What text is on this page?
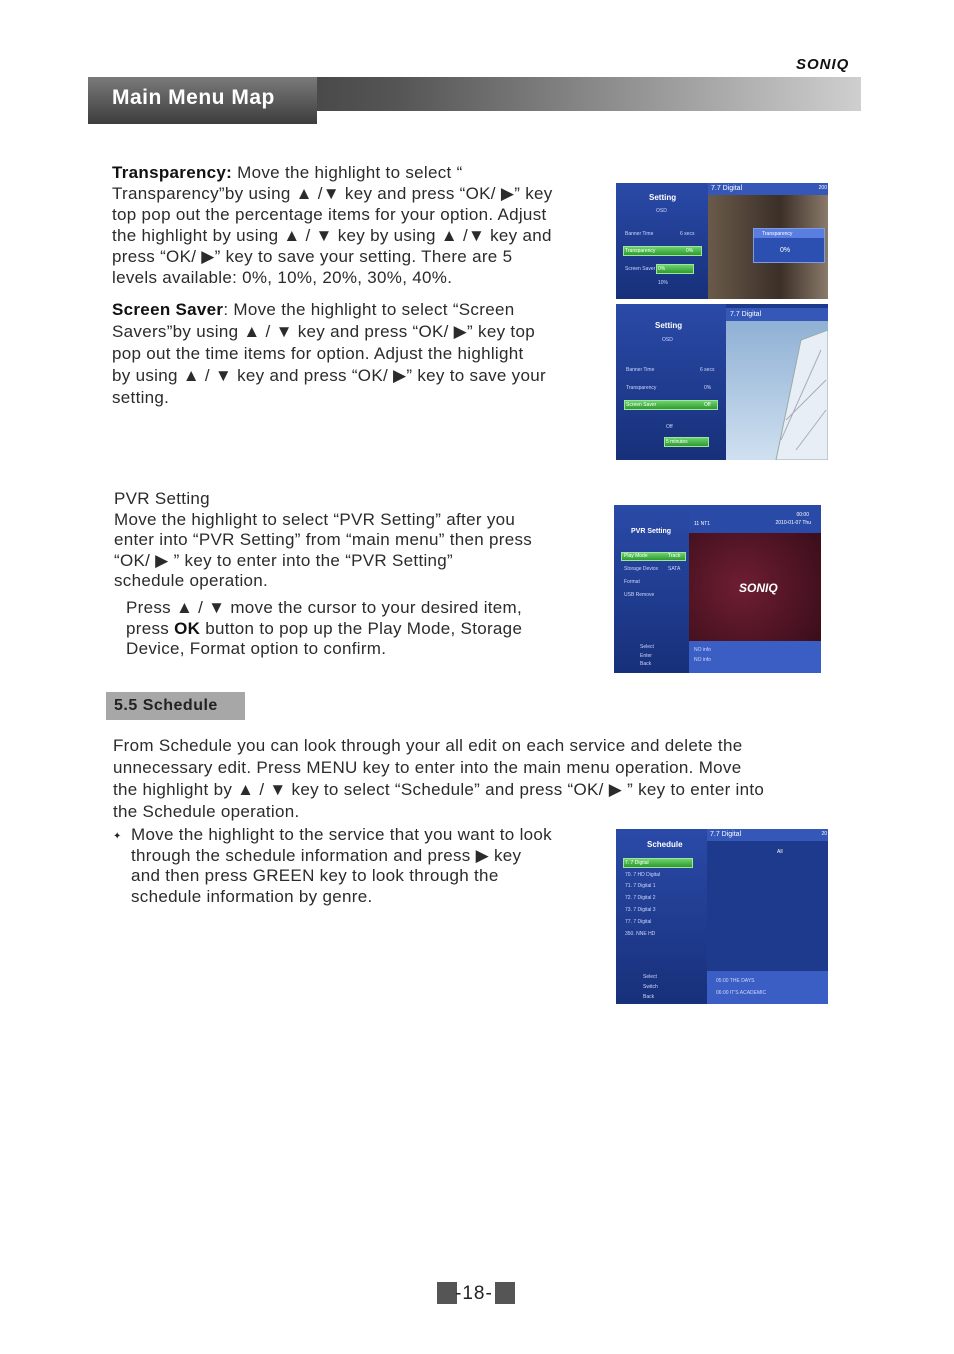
SONIQ
Main Menu Map
Transparency: Move the highlight to select “
Transparency”by using ▲ /▼ key and press “OK/ ▶” key
top pop out the percentage items for your option. Adjust
the highlight by using ▲ / ▼ key by using ▲ /▼ key and
press “OK/ ▶” key to save your setting. There are 5
levels available: 0%, 10%, 20%, 30%, 40%.
Screen Saver: Move the highlight to select “Screen
Savers”by using ▲ / ▼ key and press “OK/ ▶” key top
pop out the time items for option. Adjust the highlight
by using ▲ / ▼ key and press “OK/ ▶” key to save your
setting.
Setting
OSD
Banner Time	6 secs
Transparency	0%
Screen Saver 0%
10%
7.7 Digital	200
Transparency
0%
Setting
OSD
Banner Time	6 secs
Transparency	0%
Screen Saver	Off
Off
5 minutes
7.7 Digital
PVR Setting
Move the highlight to select “PVR Setting” after you
enter into “PVR Setting” from “main menu” then press
“OK/ ▶ ” key to enter into the “PVR Setting”
schedule operation.
Press ▲ / ▼ move the cursor to your desired item,
press OK button to pop up the Play Mode, Storage
Device, Format option to confirm.
PVR Setting
Play Mode	Track
Storage Device SATA
Format
USB Remove	SONIQ
11 NT1
00:00
2010-01-07 Thu
Select
Enter
Back
NO info
NO info
5.5 Schedule
From Schedule you can look through your all edit on each service and delete the
unnecessary edit. Press MENU key to enter into the main menu operation. Move
the highlight by ▲ / ▼ key to select “Schedule” and press “OK/ ▶ ” key to enter into
the Schedule operation.
✦ Move the highlight to the service that you want to look
through the schedule information and press ▶ key
and then press GREEN key to look through the
schedule information by genre.
Schedule
7. 7 Digital
70. 7 HD Digital
71. 7 Digital 1
72. 7 Digital 2
73. 7 Digital 3
77. 7 Digital
350. NNE HD
7.7 Digital	20
All
Select
Switch
Back
05:00 THE DAYS
06:00 IT'S ACADEMIC
-18-
